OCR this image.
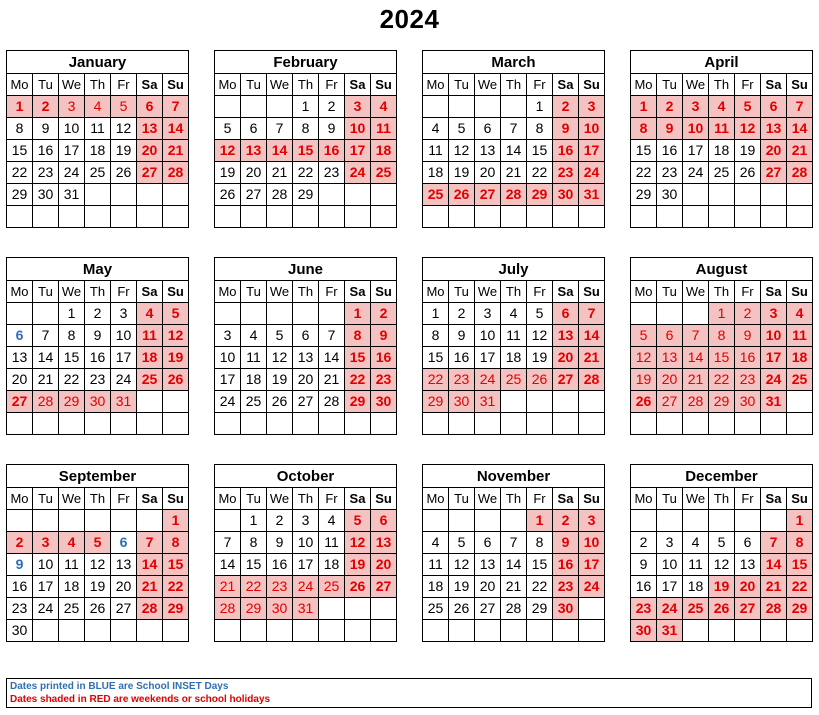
2024
January						
Mo	Tu	We	Th	Fr	Sa	Su
1	2	3	4	5	6	7
8	9	10	11	12	13	14
15	16	17	18	19	20	21
22	23	24	25	26	27	28
29	30	31				

February						
Mo	Tu	We	Th	Fr	Sa	Su
			1	2	3	4
5	6	7	8	9	10	11
12	13	14	15	16	17	18
19	20	21	22	23	24	25
26	27	28	29			

March						
Mo	Tu	We	Th	Fr	Sa	Su
				1	2	3
4	5	6	7	8	9	10
11	12	13	14	15	16	17
18	19	20	21	22	23	24
25	26	27	28	29	30	31

April						
Mo	Tu	We	Th	Fr	Sa	Su
1	2	3	4	5	6	7
8	9	10	11	12	13	14
15	16	17	18	19	20	21
22	23	24	25	26	27	28
29	30					

May						
Mo	Tu	We	Th	Fr	Sa	Su
		1	2	3	4	5
6	7	8	9	10	11	12
13	14	15	16	17	18	19
20	21	22	23	24	25	26
27	28	29	30	31		

June						
Mo	Tu	We	Th	Fr	Sa	Su
					1	2
3	4	5	6	7	8	9
10	11	12	13	14	15	16
17	18	19	20	21	22	23
24	25	26	27	28	29	30

July						
Mo	Tu	We	Th	Fr	Sa	Su
1	2	3	4	5	6	7
8	9	10	11	12	13	14
15	16	17	18	19	20	21
22	23	24	25	26	27	28
29	30	31				

August						
Mo	Tu	We	Th	Fr	Sa	Su
			1	2	3	4
5	6	7	8	9	10	11
12	13	14	15	16	17	18
19	20	21	22	23	24	25
26	27	28	29	30	31	

September						
Mo	Tu	We	Th	Fr	Sa	Su
						1
2	3	4	5	6	7	8
9	10	11	12	13	14	15
16	17	18	19	20	21	22
23	24	25	26	27	28	29
30						
October						
Mo	Tu	We	Th	Fr	Sa	Su
	1	2	3	4	5	6
7	8	9	10	11	12	13
14	15	16	17	18	19	20
21	22	23	24	25	26	27
28	29	30	31			

November						
Mo	Tu	We	Th	Fr	Sa	Su
				1	2	3
4	5	6	7	8	9	10
11	12	13	14	15	16	17
18	19	20	21	22	23	24
25	26	27	28	29	30	

December						
Mo	Tu	We	Th	Fr	Sa	Su
						1
2	3	4	5	6	7	8
9	10	11	12	13	14	15
16	17	18	19	20	21	22
23	24	25	26	27	28	29
30	31					
Dates printed in BLUE are School INSET Days
Dates shaded in RED are weekends or school holidays
